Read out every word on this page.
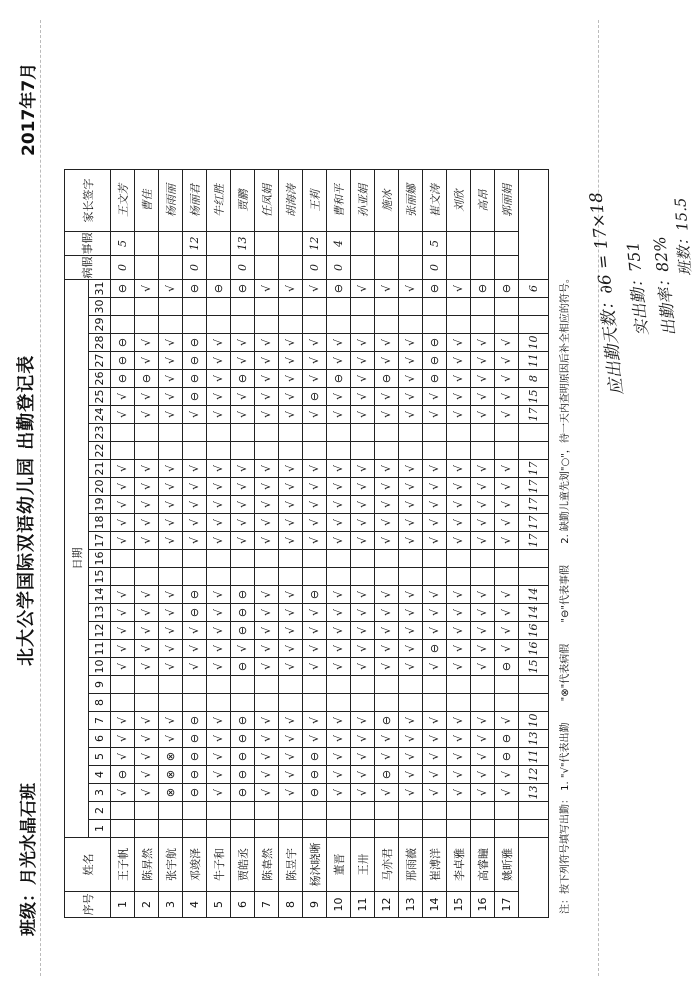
班级：月光水晶石班
北大公学国际双语幼儿园 出勤登记表
2017年7月
序号	姓名	日期																															病假	事假	家长签字
		1	2	3	4	5	6	7	8	9	10	11	12	13	14	15	16	17	18	19	20	21	22	23	24	25	26	27	28	29	30	31			
1	王子帆			√	⊖	√	√	√			√	√	√	√	√			√	√	√	√	√			√	√	⊖	⊖	⊖			⊖	0	5	王文芳
2	陈昇然			√	√	√	√	√			√	√	√	√	√			√	√	√	√	√			√	√	⊖	√	√			√			曹佳
3	张宇航			⊗	⊗	⊗	√	√			√	√	√	√	√			√	√	√	√	√			√	√	√	√	√			√			杨雨丽
4	邓竣泽			⊖	⊖	⊖	⊖	⊖			√	√	√	⊖	⊖			√	√	√	√	√			√	⊖	⊖	⊖	⊖			⊖	0	12	杨丽君
5	牛子和			√	√	√	√	√			√	√	√	√	√			√	√	√	√	√			√	√	√	√	√			⊖			牛红胜
6	贾皓丞			⊖	⊖	⊖	⊖	⊖			⊖	√	⊖	⊖	⊖			√	√	√	√	√			√	√	⊖	√	√			⊖	0	13	贾鹏
7	陈韋然			√	√	√	√	√			√	√	√	√	√			√	√	√	√	√			√	√	√	√	√			√			任凤娟
8	陈昱宇			√	√	√	√	√			√	√	√	√	√			√	√	√	√	√			√	√	√	√	√			√			胡海涛
9	杨沐晓晰			⊖	⊖	⊖	√	√			√	√	√	√	⊖			√	√	√	√	√			√	⊖	√	√	√			√	0	12	王莉
10	董晋			√	√	√	√	√			√	√	√	√	√			√	√	√	√	√			√	√	⊖	√	√			⊖	0	4	曹和平
11	王卅			√	√	√	√	√			√	√	√	√	√			√	√	√	√	√			√	√	√	√	√			√			孙亚娟
12	马亦君			√	⊖	√	√	⊖			√	√	√	√	√			√	√	√	√	√			√	√	⊖	√	√			√			施冰
13	邢雨薇			√	√	√	√	√			√	√	√	√	√			√	√	√	√	√			√	√	√	√	√			√			张丽娜
14	崔溥洋			√	√	√	√	√			√	⊖	√	√	√			√	√	√	√	√			√	√	⊖	⊖	⊖			⊖	0	5	崔文涛
15	李卓雅			√	√	√	√	√			√	√	√	√	√			√	√	√	√	√			√	√	√	√	√			√			刘欣
16	高睿瞳			√	√	√	√	√			√	√	√	√	√			√	√	√	√	√			√	√	√	√	√			⊖			高昂
17	姚昕雅			√	√	⊖	⊖	√			⊖	√	√	√	√			√	√	√	√	√			√	√	√	√	√			⊖			郭丽娟
				13	12	11	13	10			15	16	16	14	14			17	17	17	17	17			17	15	8	11	10			6			
注：按下列符号填写出勤： 1. "√"代表出勤 "⊗"代表病假 "⊖"代表事假 2. 缺勤儿童先划"○"，待一天内查明原因后补全相应的符号。 应出勤天数：∂6 = 17×18
实出勤：751
出勤率：82%
班数：15.5
